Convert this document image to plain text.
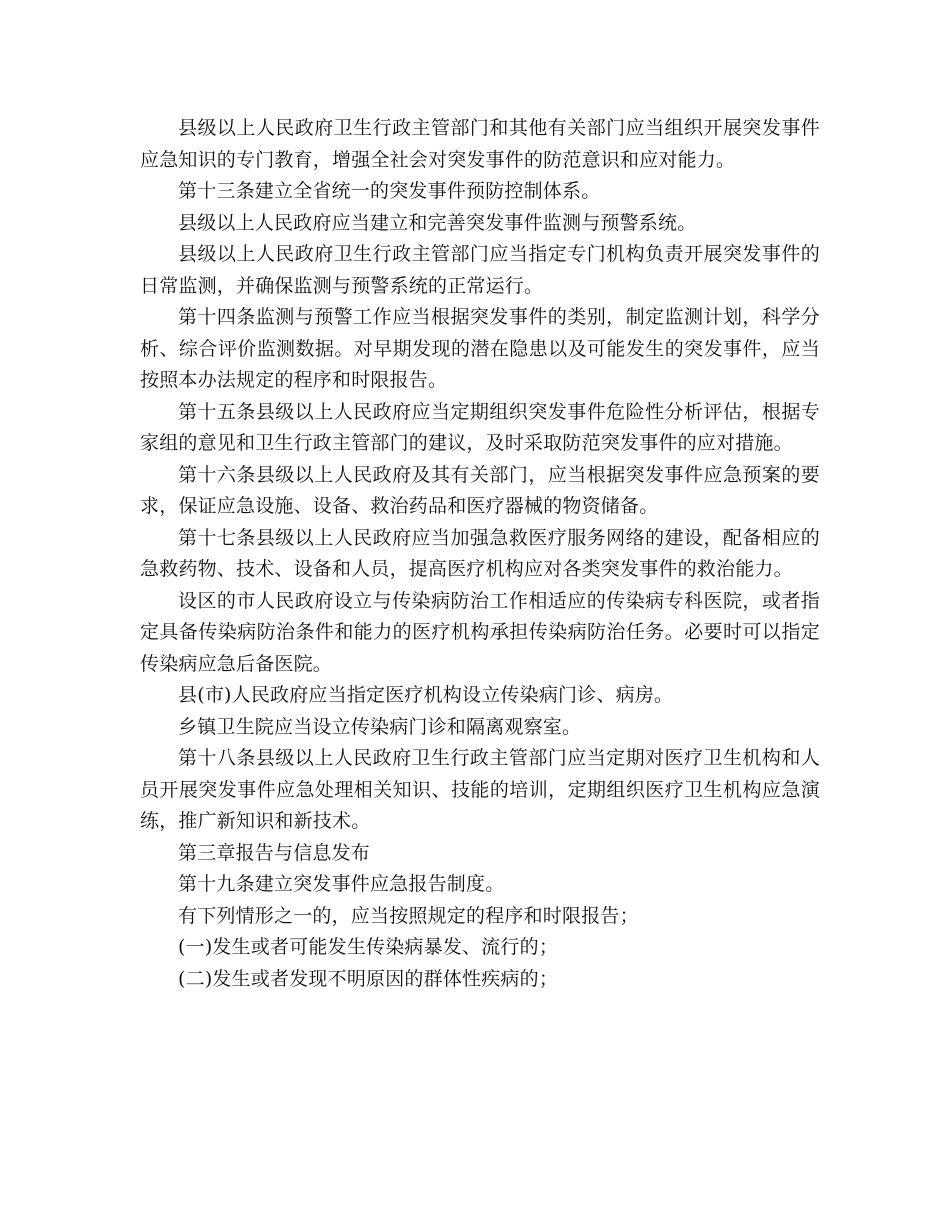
县级以上人民政府卫生行政主管部门和其他有关部门应当组织开展突发事件应急知识的专门教育，增强全社会对突发事件的防范意识和应对能力。

第十三条建立全省统一的突发事件预防控制体系。

县级以上人民政府应当建立和完善突发事件监测与预警系统。

县级以上人民政府卫生行政主管部门应当指定专门机构负责开展突发事件的日常监测，并确保监测与预警系统的正常运行。

第十四条监测与预警工作应当根据突发事件的类别，制定监测计划，科学分析、综合评价监测数据。对早期发现的潜在隐患以及可能发生的突发事件，应当按照本办法规定的程序和时限报告。

第十五条县级以上人民政府应当定期组织突发事件危险性分析评估，根据专家组的意见和卫生行政主管部门的建议，及时采取防范突发事件的应对措施。

第十六条县级以上人民政府及其有关部门，应当根据突发事件应急预案的要求，保证应急设施、设备、救治药品和医疗器械的物资储备。

第十七条县级以上人民政府应当加强急救医疗服务网络的建设，配备相应的急救药物、技术、设备和人员，提高医疗机构应对各类突发事件的救治能力。

设区的市人民政府设立与传染病防治工作相适应的传染病专科医院，或者指定具备传染病防治条件和能力的医疗机构承担传染病防治任务。必要时可以指定传染病应急后备医院。

县(市)人民政府应当指定医疗机构设立传染病门诊、病房。

乡镇卫生院应当设立传染病门诊和隔离观察室。

第十八条县级以上人民政府卫生行政主管部门应当定期对医疗卫生机构和人员开展突发事件应急处理相关知识、技能的培训，定期组织医疗卫生机构应急演练，推广新知识和新技术。

第三章报告与信息发布

第十九条建立突发事件应急报告制度。

有下列情形之一的，应当按照规定的程序和时限报告；

(一)发生或者可能发生传染病暴发、流行的；

(二)发生或者发现不明原因的群体性疾病的；
